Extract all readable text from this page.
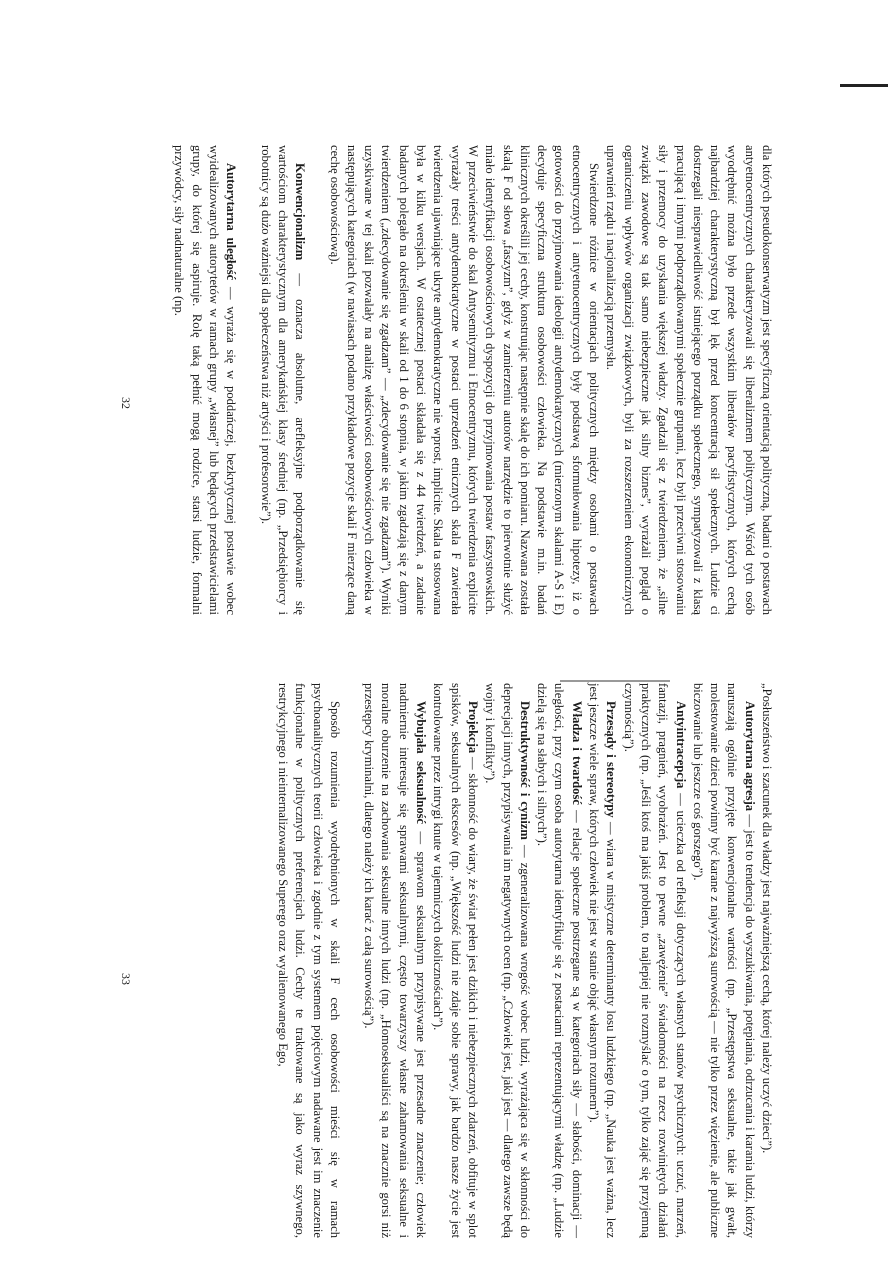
dla których pseudokonserwatyzm jest specyficzną orientacją polityczną, badani o postawach antyetnocentrycznych charakteryzowali się liberalizmem politycznym. Wśród tych osób wyodrębnić można było przede wszystkim liberałów pacyfistycznych, których cechą najbardziej charakterystyczną był lęk przed koncentracją sił społecznych. Ludzie ci dostrzegali niesprawiedliwość istniejącego porządku społecznego, sympatyzowali z klasą pracującą i innymi podporządkowanymi społecznie grupami, lecz byli przeciwni stosowaniu siły i przemocy do uzyskania większej władzy. Zgadzali się z twierdzeniem, że „silne związki zawodowe są tak samo niebezpieczne jak silny biznes”, wyrażali pogląd o ograniczeniu wpływów organizacji związkowych, byli za rozszerzeniem ekonomicznych uprawnień rządu i nacjonalizacją przemysłu.

Stwierdzone różnice w orientacjach politycznych między osobami o postawach etnocentrycznych i antyetnocentrycznych były podstawą sformułowania hipotezy, iż o gotowości do przyjmowania ideologii antydemokratycznych (mierzonym skalami A-S i E) decyduje specyficzna struktura osobowości człowieka. Na podstawie m.in. badań klinicznych określili jej cechy, konstruując następnie skalę do ich pomiaru. Nazwana została skalą F od słowa „faszyzm”, gdyż w zamierzeniu autorów narzędzie to pierwotnie służyć miało identyfikacji osobowościowych dyspozycji do przyjmowania postaw faszystowskich. W przeciwieństwie do skal Antysemityzmu i Etnocentryzmu, których twierdzenia explicite wyrażały treści antydemokratyczne w postaci uprzedzeń etnicznych skala F zawierała twierdzenia ujawniające ukryte antydemokratyczne nie wprost, implicite. Skala ta stosowana była w kilku wersjach. W ostatecznej postaci składała się z 44 twierdzeń, a zadanie badanych polegało na określeniu w skali od 1 do 6 stopnia, w jakim zgadzają się z danym twierdzeniem („zdecydowanie się zgadzam” — „zdecydowanie się nie zgadzam”). Wyniki uzyskiwane w tej skali pozwalały na analizę właściwości osobowościowych człowieka w następujących kategoriach (w nawiasach podano przykładowe pozycje skali F mierzące daną cechę osobowościową).

Konwencjonalizm — oznacza absolutne, arefleksyjne podporządkowanie się wartościom charakterystycznym dla amerykańskiej klasy średniej (np. „Przedsiębiorcy i robotnicy są dużo ważniejsi dla społeczeństwa niż artyści i profesorowie”).

Autorytarna uległość — wyraża się w poddańczej, bezkrytycznej postawie wobec wyidealizowanych autorytetów w ramach grupy „własnej” lub będących przedstawicielami grupy, do której się aspiruje. Rolę taką pełnić mogą rodzice, starsi ludzie, formalni przywódcy, siły nadnaturalne (np.

32

„Posłuszeństwo i szacunek dla władzy jest najważniejszą cechą, której należy uczyć dzieci”).

Autorytarna agresja — jest to tendencja do wyszukiwania, potępiania, odrzucania i karania ludzi, którzy naruszają ogólnie przyjęte konwencjonalne wartości (np. „Przestępstwa seksualne, takie jak gwałt, molestowanie dzieci powinny być karane z najwyższą surowością — nie tylko przez więzienie, ale publiczne biczowanie lub jeszcze coś gorszego”).

Antyintracepcja — ucieczka od refleksji dotyczących własnych stanów psychicznych: uczuć, marzeń, fantazji, pragnień, wyobrażeń. Jest to pewne „zawężenie” świadomości na rzecz rozwiniętych działań praktycznych (np. „Jeśli ktoś ma jakiś problem, to najlepiej nie rozmyślać o tym, tylko zająć się przyjemną czynnością”).

Przesądy i stereotypy — wiara w mistyczne determinanty losu ludzkiego (np. „Nauka jest ważna, lecz jest jeszcze wiele spraw, których człowiek nie jest w stanie objąć własnym rozumem”).

Władza i twardość — relacje społeczne postrzegane są w kategoriach siły — słabości, dominacji — uległości, przy czym osoba autorytarna identyfikuje się z postaciami reprezentującymi władzę (np. „Ludzie dzielą się na słabych i silnych”).

Destruktywność i cynizm — zgeneralizowana wrogość wobec ludzi, wyrażająca się w skłonności do deprecjacji innych, przypisywania im negatywnych ocen (np. „Człowiek jest, jaki jest — dlatego zawsze będą wojny i konflikty”).

Projekcja — skłonność do wiary, że świat pełen jest dzikich i niebezpiecznych zdarzeń, obfituje w splot spisków, seksualnych ekscesów (np. „Większość ludzi nie zdaje sobie sprawy, jak bardzo nasze życie jest kontrolowane przez intrygi knute w tajemniczych okolicznościach”).

Wybujała seksualność — sprawom seksualnym przypisywane jest przesadne znaczenie; człowiek nadmiernie interesuje się sprawami seksualnymi, często towarzyszy własne zahamowania seksualne i moralne oburzenie na zachowania seksualne innych ludzi (np. „Homoseksualiści są na znacznie gorsi niż przestępcy kryminalni, dlatego należy ich karać z całą surowością”).

Sposób rozumienia wyodrębnionych w skali F cech osobowości mieści się w ramach psychoanalitycznych teorii człowieka i zgodnie z tym systemem pojęciowym nadawane jest im znaczenie funkcjonalne w politycznych preferencjach ludzi. Cechy te traktowane są jako wyraz szywnego, restrykcyjnego i nieinternalizowanego Superego oraz wyalienowanego Ego,

33
